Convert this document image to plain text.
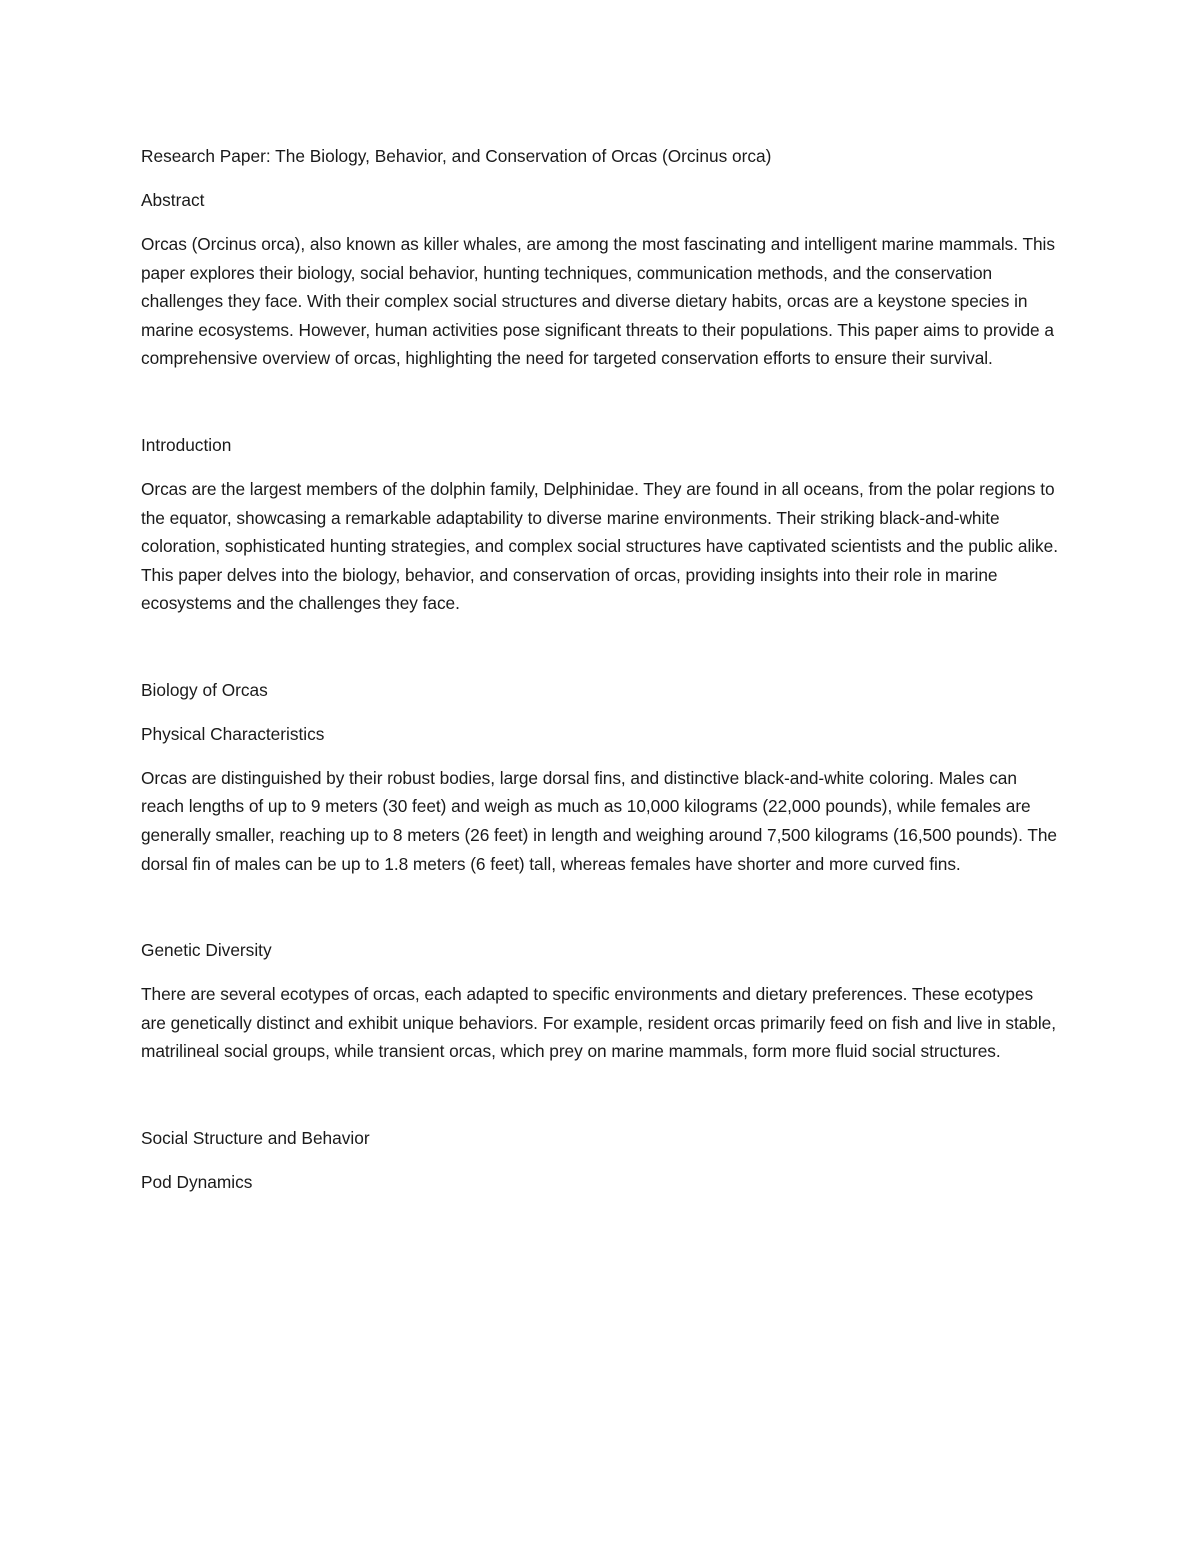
Research Paper: The Biology, Behavior, and Conservation of Orcas (Orcinus orca)

Abstract

Orcas (Orcinus orca), also known as killer whales, are among the most fascinating and intelligent marine mammals. This paper explores their biology, social behavior, hunting techniques, communication methods, and the conservation challenges they face. With their complex social structures and diverse dietary habits, orcas are a keystone species in marine ecosystems. However, human activities pose significant threats to their populations. This paper aims to provide a comprehensive overview of orcas, highlighting the need for targeted conservation efforts to ensure their survival.

Introduction

Orcas are the largest members of the dolphin family, Delphinidae. They are found in all oceans, from the polar regions to the equator, showcasing a remarkable adaptability to diverse marine environments. Their striking black-and-white coloration, sophisticated hunting strategies, and complex social structures have captivated scientists and the public alike. This paper delves into the biology, behavior, and conservation of orcas, providing insights into their role in marine ecosystems and the challenges they face.

Biology of Orcas

Physical Characteristics

Orcas are distinguished by their robust bodies, large dorsal fins, and distinctive black-and-white coloring. Males can reach lengths of up to 9 meters (30 feet) and weigh as much as 10,000 kilograms (22,000 pounds), while females are generally smaller, reaching up to 8 meters (26 feet) in length and weighing around 7,500 kilograms (16,500 pounds). The dorsal fin of males can be up to 1.8 meters (6 feet) tall, whereas females have shorter and more curved fins.

Genetic Diversity

There are several ecotypes of orcas, each adapted to specific environments and dietary preferences. These ecotypes are genetically distinct and exhibit unique behaviors. For example, resident orcas primarily feed on fish and live in stable, matrilineal social groups, while transient orcas, which prey on marine mammals, form more fluid social structures.

Social Structure and Behavior

Pod Dynamics
